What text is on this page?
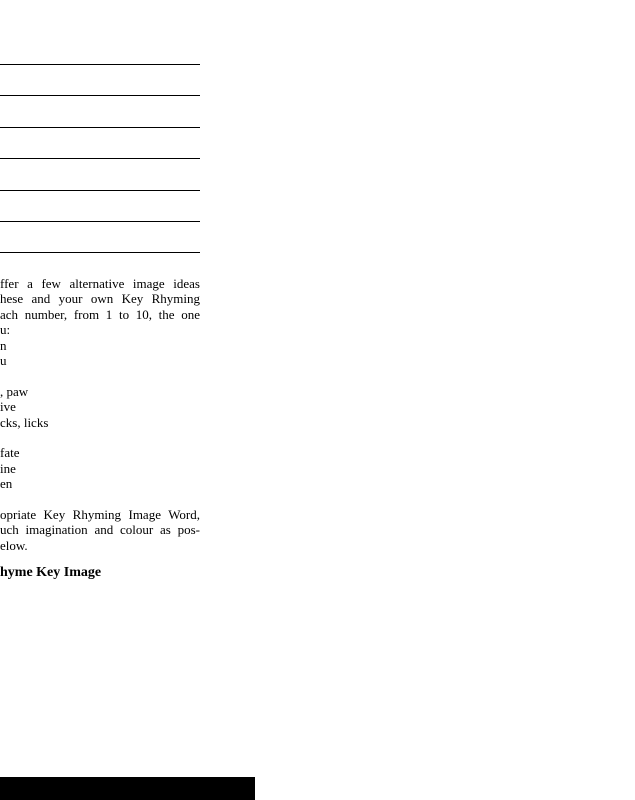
ffer a few alternative image ideas
hese and your own Key Rhyming
ach number, from 1 to 10, the one
u:
n
u
, paw
ive
cks, licks
fate
ine
en
opriate Key Rhyming Image Word,
uch imagination and colour as pos-
elow.
hyme Key Image
